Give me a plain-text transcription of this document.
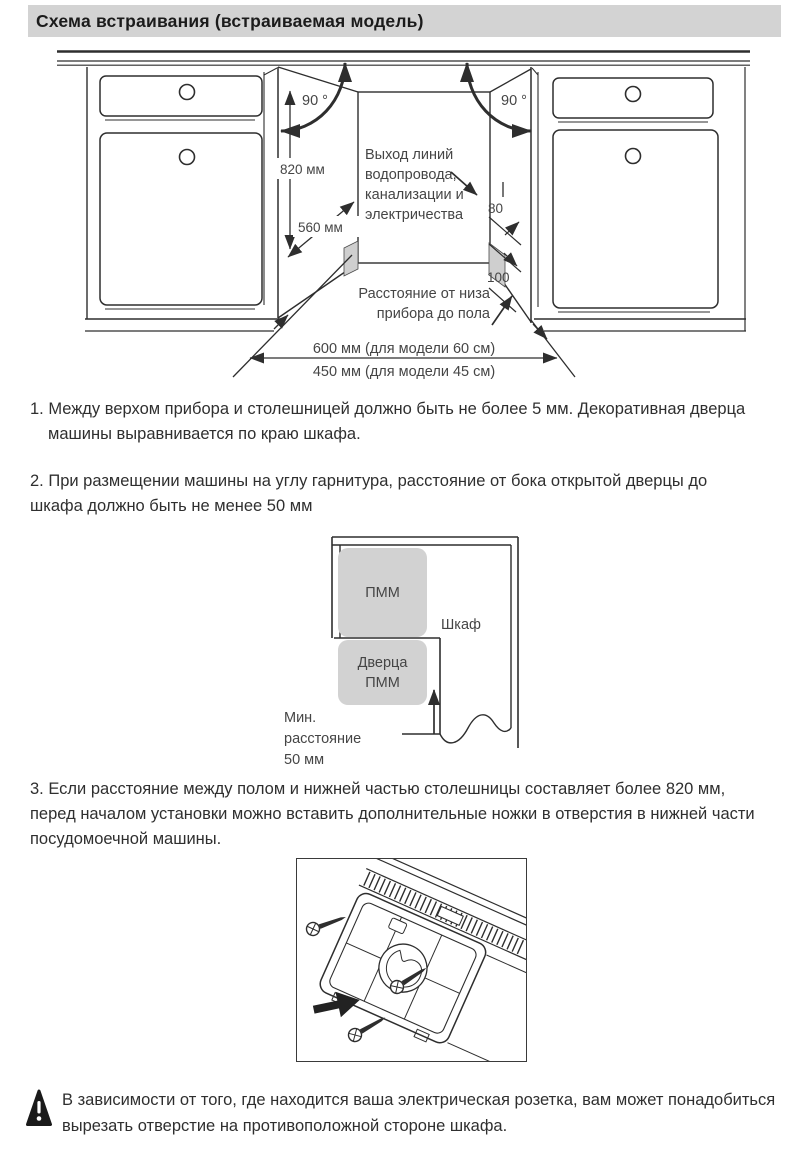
Схема встраивания (встраиваемая модель)
820 мм
90 °	90 °
560 мм
Выход линий
водопровода,
канализации и
электричества 80
100
Расстояние от низа
прибора до пола
600 мм (для модели 60 см)
450 мм (для модели 45 см)
1. Между верхом прибора и столешницей должно быть не более 5 мм. Декоративная дверца машины выравнивается по краю шкафа.
2. При размещении машины на углу гарнитура, расстояние от бока открытой дверцы до шкафа должно быть не менее 50 мм
3. Если расстояние между полом и нижней частью столешницы составляет более 820 мм, перед началом установки можно вставить дополнительные ножки в отверстия в нижней части посудомоечной машины.
ПММ
Дверца
ПММ
Шкаф
Мин.
расстояние
50 мм
В зависимости от того, где находится ваша электрическая розетка, вам может понадобиться вырезать отверстие на противоположной стороне шкафа.
